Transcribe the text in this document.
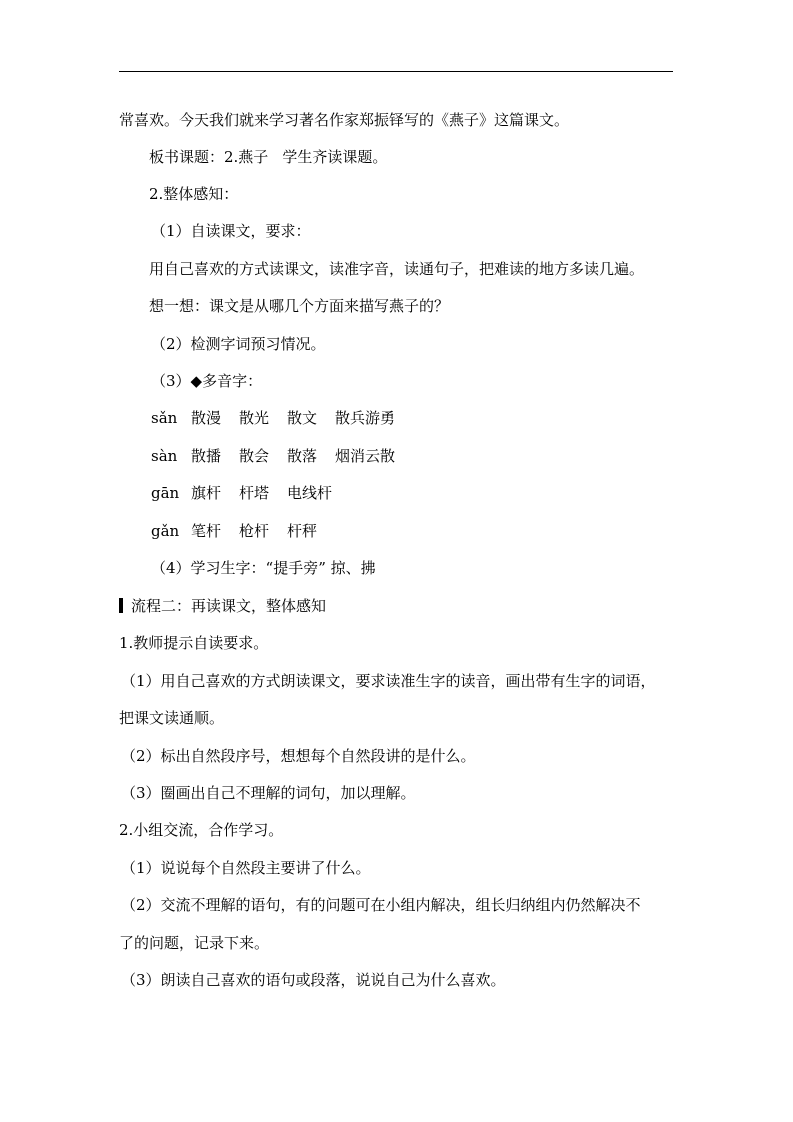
常喜欢。今天我们就来学习著名作家郑振铎写的《燕子》这篇课文。
板书课题：2.燕子 学生齐读课题。
2.整体感知：
（1）自读课文，要求：
用自己喜欢的方式读课文，读准字音，读通句子，把难读的地方多读几遍。
想一想：课文是从哪几个方面来描写燕子的？
（2）检测字词预习情况。
（3）◆多音字：
sǎn 散漫 散光 散文 散兵游勇
sàn 散播 散会 散落 烟消云散
gān 旗杆 杆塔 电线杆
gǎn 笔杆 枪杆 杆秤
（4）学习生字：“提手旁” 掠、拂
流程二：再读课文，整体感知
1.教师提示自读要求。
（1）用自己喜欢的方式朗读课文，要求读准生字的读音，画出带有生字的词语，
把课文读通顺。
（2）标出自然段序号，想想每个自然段讲的是什么。
（3）圈画出自己不理解的词句，加以理解。
2.小组交流，合作学习。
（1）说说每个自然段主要讲了什么。
（2）交流不理解的语句，有的问题可在小组内解决，组长归纳组内仍然解决不
了的问题，记录下来。
（3）朗读自己喜欢的语句或段落，说说自己为什么喜欢。
